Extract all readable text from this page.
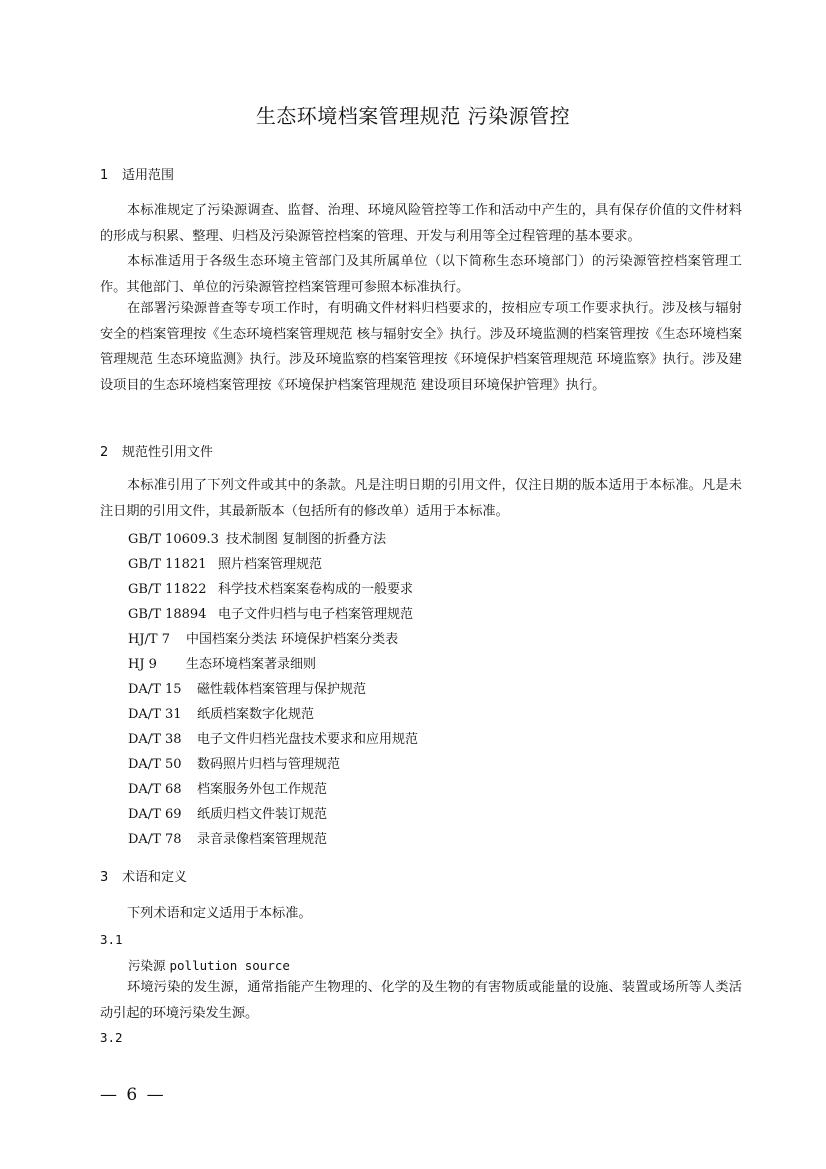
生态环境档案管理规范 污染源管控
1 适用范围
本标准规定了污染源调查、监督、治理、环境风险管控等工作和活动中产生的，具有保存价值的文件材料的形成与积累、整理、归档及污染源管控档案的管理、开发与利用等全过程管理的基本要求。
本标准适用于各级生态环境主管部门及其所属单位（以下简称生态环境部门）的污染源管控档案管理工作。其他部门、单位的污染源管控档案管理可参照本标准执行。
在部署污染源普查等专项工作时，有明确文件材料归档要求的，按相应专项工作要求执行。涉及核与辐射安全的档案管理按《生态环境档案管理规范 核与辐射安全》执行。涉及环境监测的档案管理按《生态环境档案管理规范 生态环境监测》执行。涉及环境监察的档案管理按《环境保护档案管理规范 环境监察》执行。涉及建设项目的生态环境档案管理按《环境保护档案管理规范 建设项目环境保护管理》执行。
2 规范性引用文件
本标准引用了下列文件或其中的条款。凡是注明日期的引用文件，仅注日期的版本适用于本标准。凡是未注日期的引用文件，其最新版本（包括所有的修改单）适用于本标准。
GB/T 10609.3 技术制图 复制图的折叠方法
GB/T 11821 照片档案管理规范
GB/T 11822 科学技术档案案卷构成的一般要求
GB/T 18894 电子文件归档与电子档案管理规范
HJ/T 7 中国档案分类法 环境保护档案分类表
HJ 9 生态环境档案著录细则
DA/T 15 磁性载体档案管理与保护规范
DA/T 31 纸质档案数字化规范
DA/T 38 电子文件归档光盘技术要求和应用规范
DA/T 50 数码照片归档与管理规范
DA/T 68 档案服务外包工作规范
DA/T 69 纸质归档文件装订规范
DA/T 78 录音录像档案管理规范
3 术语和定义
下列术语和定义适用于本标准。
3.1
污染源 pollution source
环境污染的发生源，通常指能产生物理的、化学的及生物的有害物质或能量的设施、装置或场所等人类活动引起的环境污染发生源。
3.2
— 6 —
